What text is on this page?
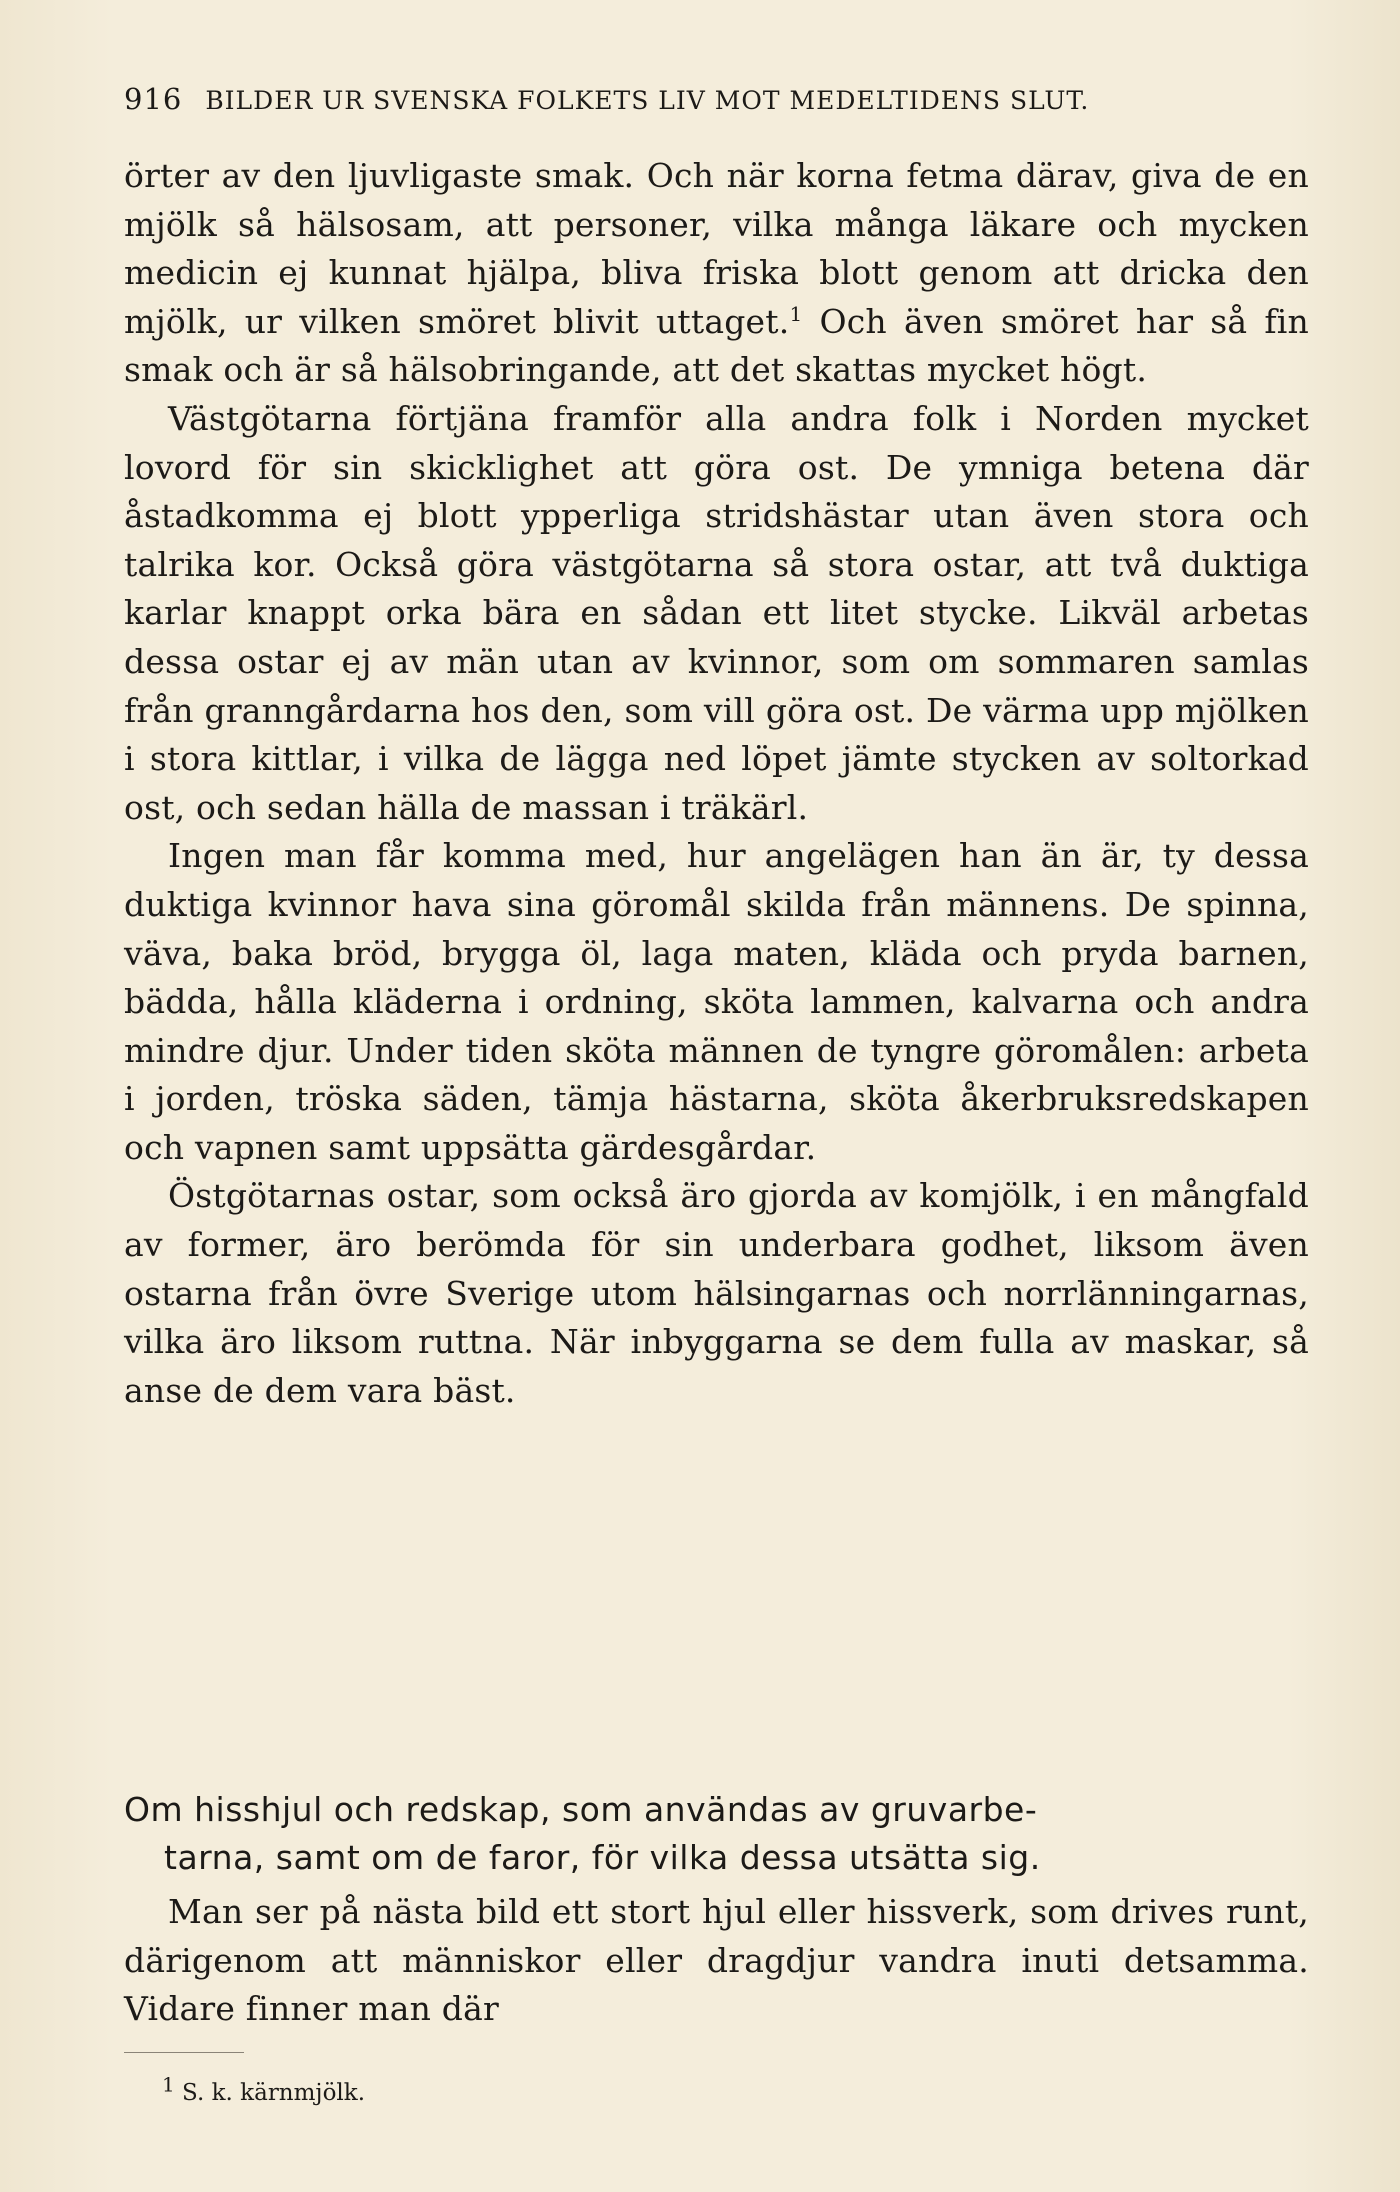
916 BILDER UR SVENSKA FOLKETS LIV MOT MEDELTIDENS SLUT.

örter av den ljuvligaste smak. Och när korna fetma därav, giva de en mjölk så hälsosam, att personer, vilka många läkare och mycken medicin ej kunnat hjälpa, bliva friska blott genom att dricka den mjölk, ur vilken smöret blivit uttaget.$^1$ Och även smöret har så fin smak och är så hälsobringande, att det skattas mycket högt.

Västgötarna förtjäna framför alla andra folk i Norden mycket lovord för sin skicklighet att göra ost. De ymniga betena där åstadkomma ej blott ypperliga stridshästar utan även stora och talrika kor. Också göra västgötarna så stora ostar, att två duktiga karlar knappt orka bära en sådan ett litet stycke. Likväl arbetas dessa ostar ej av män utan av kvinnor, som om sommaren samlas från granngårdarna hos den, som vill göra ost. De värma upp mjölken i stora kittlar, i vilka de lägga ned löpet jämte stycken av soltorkad ost, och sedan hälla de massan i träkärl.

Ingen man får komma med, hur angelägen han än är, ty dessa duktiga kvinnor hava sina göromål skilda från männens. De spinna, väva, baka bröd, brygga öl, laga maten, kläda och pryda barnen, bädda, hålla kläderna i ordning, sköta lammen, kalvarna och andra mindre djur. Under tiden sköta männen de tyngre göromålen: arbeta i jorden, tröska säden, tämja hästarna, sköta åkerbruksredskapen och vapnen samt uppsätta gärdesgårdar.

Östgötarnas ostar, som också äro gjorda av komjölk, i en mångfald av former, äro berömda för sin underbara godhet, liksom även ostarna från övre Sverige utom hälsingarnas och norrlänningarnas, vilka äro liksom ruttna. När inbyggarna se dem fulla av maskar, så anse de dem vara bäst.

Om hisshjul och redskap, som användas av gruvarbe-
tarna, samt om de faror, för vilka dessa utsätta sig.

Man ser på nästa bild ett stort hjul eller hissverk, som drives runt, därigenom att människor eller dragdjur vandra inuti detsamma. Vidare finner man där

$^1$ S. k. kärnmjölk.
